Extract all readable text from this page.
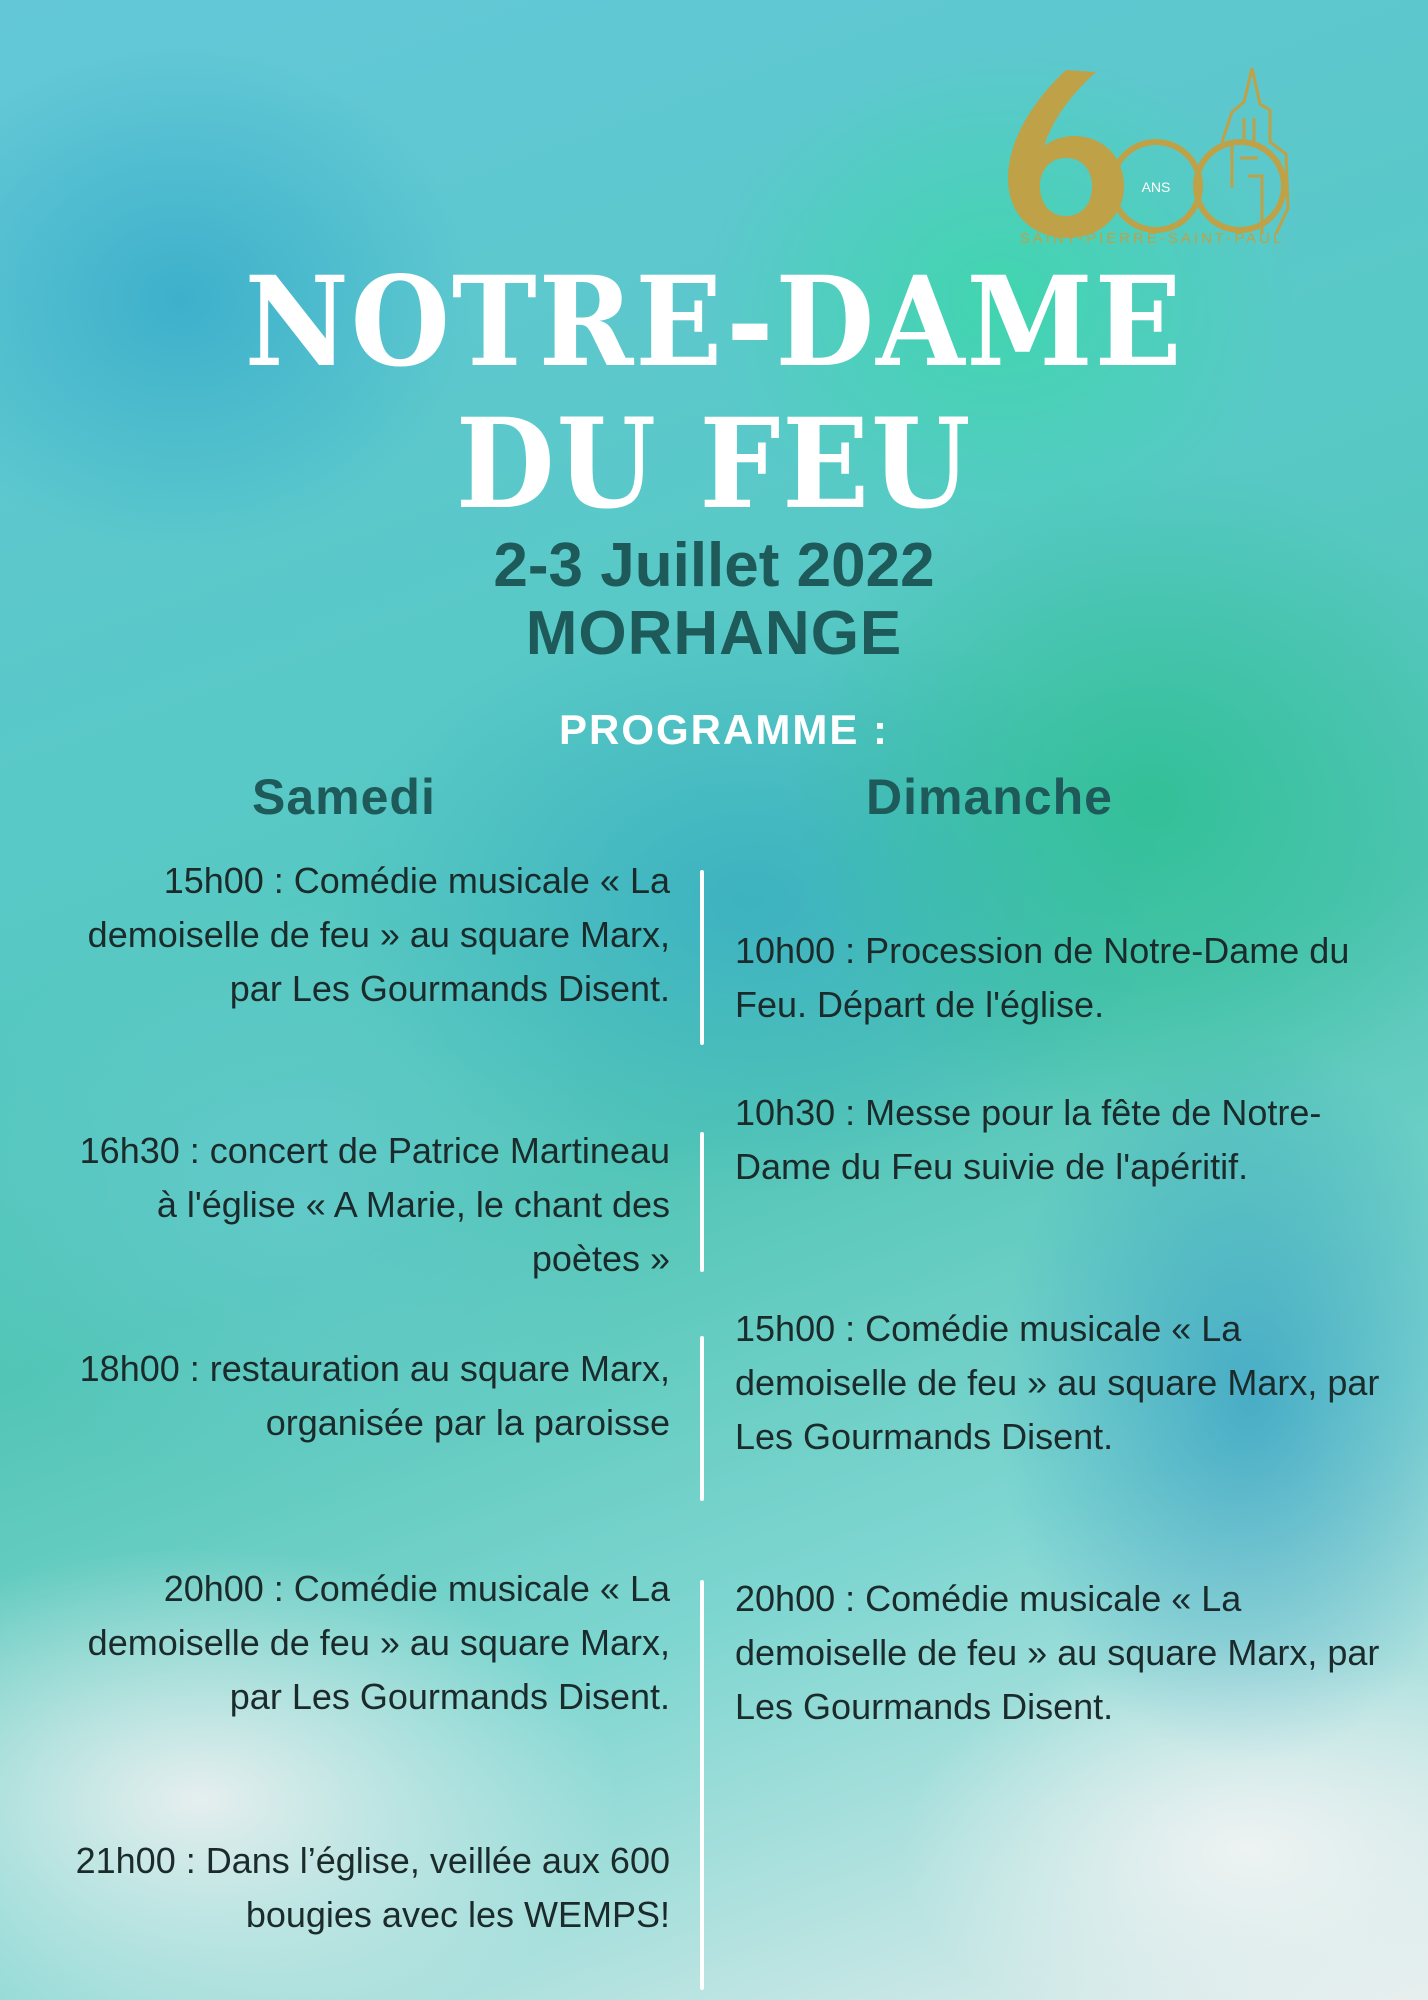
ANS
SAINT-PIERRE-SAINT-PAUL
NOTRE-DAME
DU FEU
2-3 Juillet 2022
MORHANGE
PROGRAMME :
Samedi	Dimanche
15h00 : Comédie musicale « La demoiselle de feu » au square Marx, par Les Gourmands Disent.
16h30 : concert de Patrice Martineau à l'église « A Marie, le chant des poètes »
18h00 : restauration au square Marx, organisée par la paroisse
20h00 : Comédie musicale « La demoiselle de feu » au square Marx, par Les Gourmands Disent.
21h00 : Dans l’église, veillée aux 600 bougies avec les WEMPS!
10h00 : Procession de Notre-Dame du Feu. Départ de l'église.
10h30 : Messe pour la fête de Notre-Dame du Feu suivie de l'apéritif.
15h00 : Comédie musicale « La demoiselle de feu » au square Marx, par Les Gourmands Disent.
20h00 : Comédie musicale « La demoiselle de feu » au square Marx, par Les Gourmands Disent.
